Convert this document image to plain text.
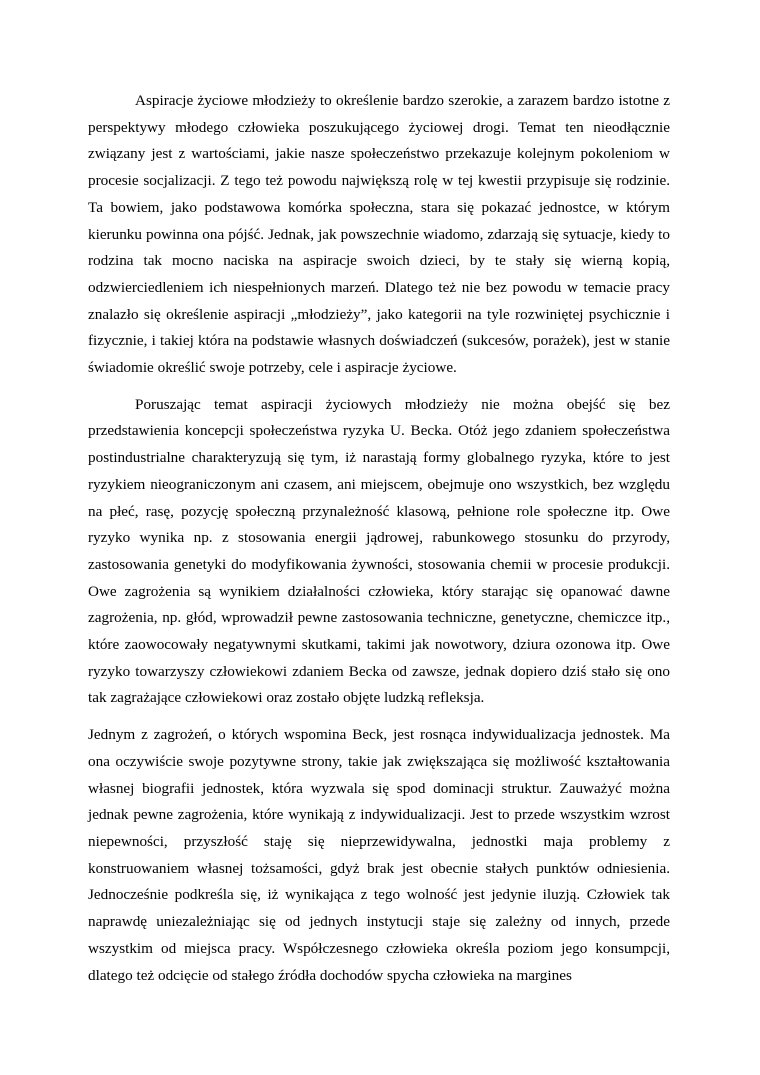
Aspiracje życiowe młodzieży to określenie bardzo szerokie, a zarazem bardzo istotne z perspektywy młodego człowieka poszukującego życiowej drogi. Temat ten nieodłącznie związany jest z wartościami, jakie nasze społeczeństwo przekazuje kolejnym pokoleniom w procesie socjalizacji. Z tego też powodu największą rolę w tej kwestii przypisuje się rodzinie. Ta bowiem, jako podstawowa komórka społeczna, stara się pokazać jednostce, w którym kierunku powinna ona pójść. Jednak, jak powszechnie wiadomo, zdarzają się sytuacje, kiedy to rodzina tak mocno naciska na aspiracje swoich dzieci, by te stały się wierną kopią, odzwierciedleniem ich niespełnionych marzeń. Dlatego też nie bez powodu w temacie pracy znalazło się określenie aspiracji „młodzieży”, jako kategorii na tyle rozwiniętej psychicznie i fizycznie, i takiej która na podstawie własnych doświadczeń (sukcesów, porażek), jest w stanie świadomie określić swoje potrzeby, cele i aspiracje życiowe.

Poruszając temat aspiracji życiowych młodzieży nie można obejść się bez przedstawienia koncepcji społeczeństwa ryzyka U. Becka. Otóż jego zdaniem społeczeństwa postindustrialne charakteryzują się tym, iż narastają formy globalnego ryzyka, które to jest ryzykiem nieograniczonym ani czasem, ani miejscem, obejmuje ono wszystkich, bez względu na płeć, rasę, pozycję społeczną przynależność klasową, pełnione role społeczne itp. Owe ryzyko wynika np. z stosowania energii jądrowej, rabunkowego stosunku do przyrody, zastosowania genetyki do modyfikowania żywności, stosowania chemii w procesie produkcji. Owe zagrożenia są wynikiem działalności człowieka, który starając się opanować dawne zagrożenia, np. głód, wprowadził pewne zastosowania techniczne, genetyczne, chemiczce itp., które zaowocowały negatywnymi skutkami, takimi jak nowotwory, dziura ozonowa itp. Owe ryzyko towarzyszy człowiekowi zdaniem Becka od zawsze, jednak dopiero dziś stało się ono tak zagrażające człowiekowi oraz zostało objęte ludzką refleksja.

Jednym z zagrożeń, o których wspomina Beck, jest rosnąca indywidualizacja jednostek. Ma ona oczywiście swoje pozytywne strony, takie jak zwiększająca się możliwość kształtowania własnej biografii jednostek, która wyzwala się spod dominacji struktur. Zauważyć można jednak pewne zagrożenia, które wynikają z indywidualizacji. Jest to przede wszystkim wzrost niepewności, przyszłość staję się nieprzewidywalna, jednostki maja problemy z konstruowaniem własnej tożsamości, gdyż brak jest obecnie stałych punktów odniesienia. Jednocześnie podkreśla się, iż wynikająca z tego wolność jest jedynie iluzją. Człowiek tak naprawdę uniezależniając się od jednych instytucji staje się zależny od innych, przede wszystkim od miejsca pracy. Współczesnego człowieka określa poziom jego konsumpcji, dlatego też odcięcie od stałego źródła dochodów spycha człowieka na margines
